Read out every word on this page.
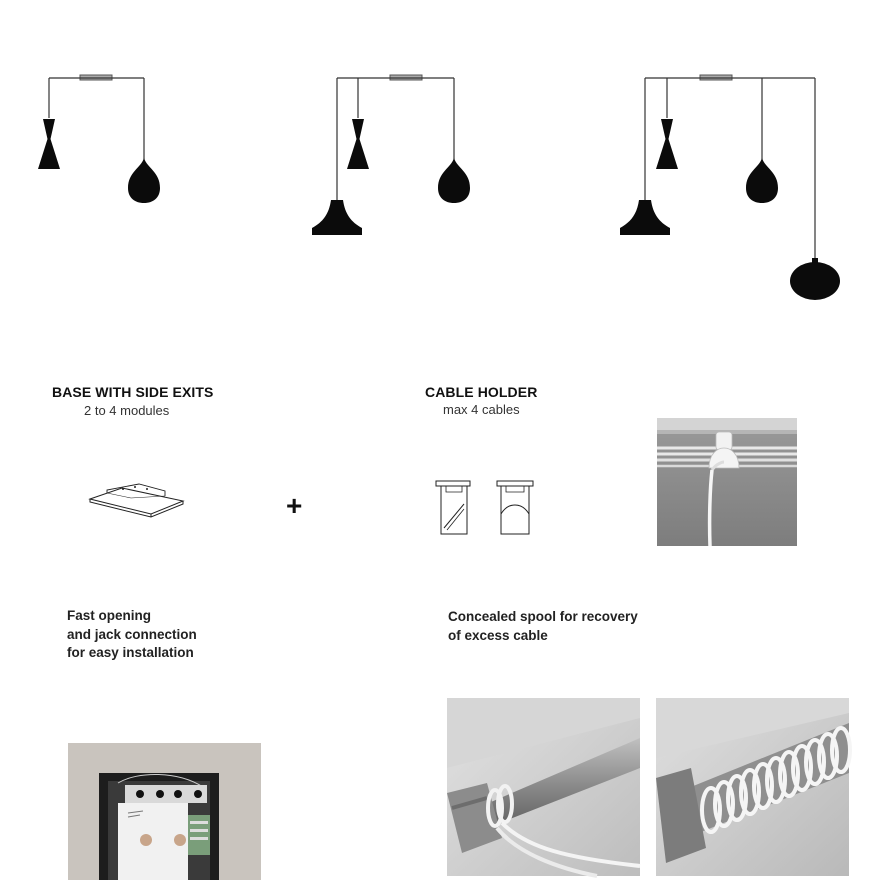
BASE WITH SIDE EXITS
2 to 4 modules
+
CABLE HOLDER
max 4 cables
Fast opening
and jack connection
for easy installation
Concealed spool for recovery
of excess cable
